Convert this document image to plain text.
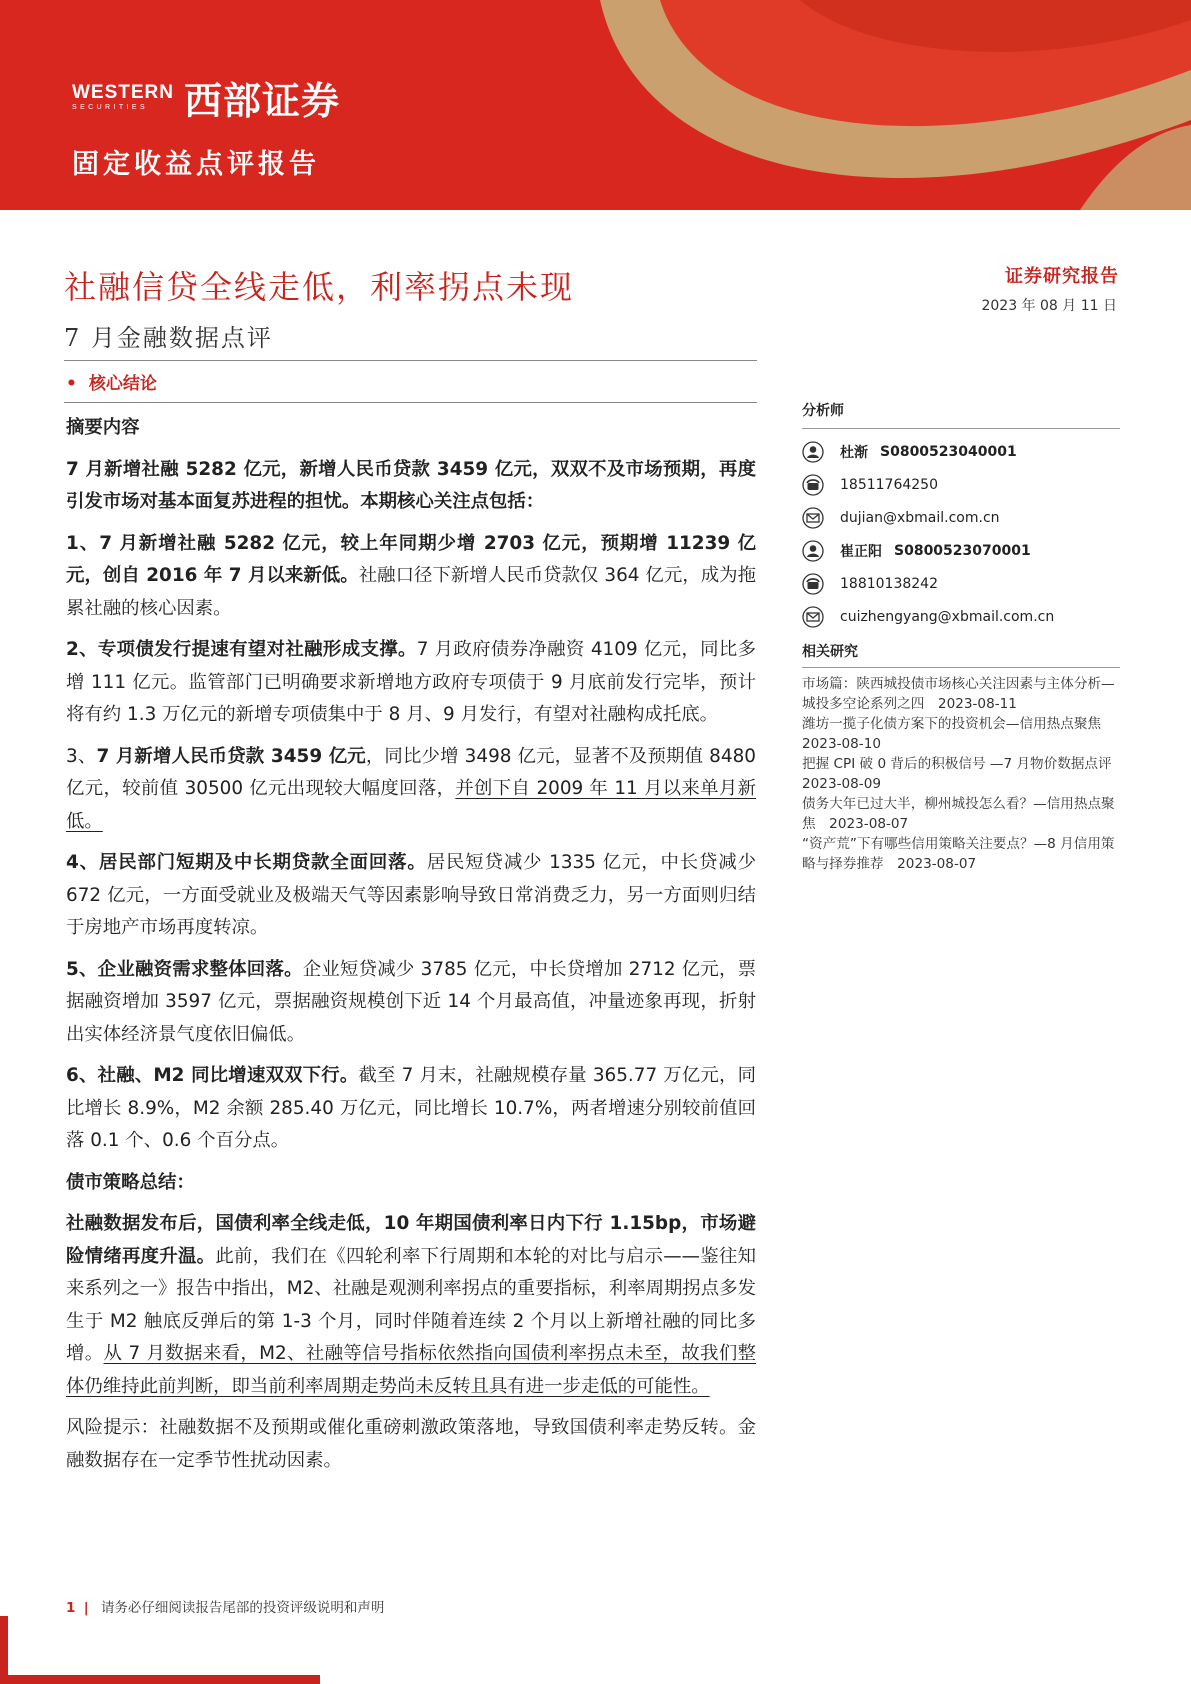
WESTERN
SECURITIES 西部证券
固定收益点评报告
社融信贷全线走低，利率拐点未现
7 月金融数据点评
• 核心结论
证券研究报告
2023 年 08 月 11 日

摘要内容

7 月新增社融 5282 亿元，新增人民币贷款 3459 亿元，双双不及市场预期，再度引发市场对基本面复苏进程的担忧。本期核心关注点包括：

1、7 月新增社融 5282 亿元，较上年同期少增 2703 亿元，预期增 11239 亿元，创自 2016 年 7 月以来新低。社融口径下新增人民币贷款仅 364 亿元，成为拖累社融的核心因素。

2、专项债发行提速有望对社融形成支撑。7 月政府债券净融资 4109 亿元，同比多增 111 亿元。监管部门已明确要求新增地方政府专项债于 9 月底前发行完毕，预计将有约 1.3 万亿元的新增专项债集中于 8 月、9 月发行，有望对社融构成托底。

3、7 月新增人民币贷款 3459 亿元，同比少增 3498 亿元，显著不及预期值 8480 亿元，较前值 30500 亿元出现较大幅度回落，并创下自 2009 年 11 月以来单月新低。

4、居民部门短期及中长期贷款全面回落。居民短贷减少 1335 亿元，中长贷减少 672 亿元，一方面受就业及极端天气等因素影响导致日常消费乏力，另一方面则归结于房地产市场再度转凉。

5、企业融资需求整体回落。企业短贷减少 3785 亿元，中长贷增加 2712 亿元，票据融资增加 3597 亿元，票据融资规模创下近 14 个月最高值，冲量迹象再现，折射出实体经济景气度依旧偏低。

6、社融、M2 同比增速双双下行。截至 7 月末，社融规模存量 365.77 万亿元，同比增长 8.9%，M2 余额 285.40 万亿元，同比增长 10.7%，两者增速分别较前值回落 0.1 个、0.6 个百分点。

债市策略总结：

社融数据发布后，国债利率全线走低，10 年期国债利率日内下行 1.15bp，市场避险情绪再度升温。此前，我们在《四轮利率下行周期和本轮的对比与启示——鉴往知来系列之一》报告中指出，M2、社融是观测利率拐点的重要指标，利率周期拐点多发生于 M2 触底反弹后的第 1-3 个月，同时伴随着连续 2 个月以上新增社融的同比多增。从 7 月数据来看，M2、社融等信号指标依然指向国债利率拐点未至，故我们整体仍维持此前判断，即当前利率周期走势尚未反转且具有进一步走低的可能性。

风险提示：社融数据不及预期或催化重磅刺激政策落地，导致国债利率走势反转。金融数据存在一定季节性扰动因素。

分析师
杜渐 S0800523040001
18511764250
dujian@xbmail.com.cn
崔正阳 S0800523070001
18810138242
cuizhengyang@xbmail.com.cn
相关研究
市场篇：陕西城投债市场核心关注因素与主体分析—城投多空论系列之四　2023-08-11
潍坊一揽子化债方案下的投资机会—信用热点聚焦　2023-08-10
把握 CPI 破 0 背后的积极信号 —7 月物价数据点评　2023-08-09
债务大年已过大半，柳州城投怎么看？—信用热点聚焦　2023-08-07
“资产荒”下有哪些信用策略关注要点？—8 月信用策略与择券推荐　2023-08-07
1 | 请务必仔细阅读报告尾部的投资评级说明和声明
